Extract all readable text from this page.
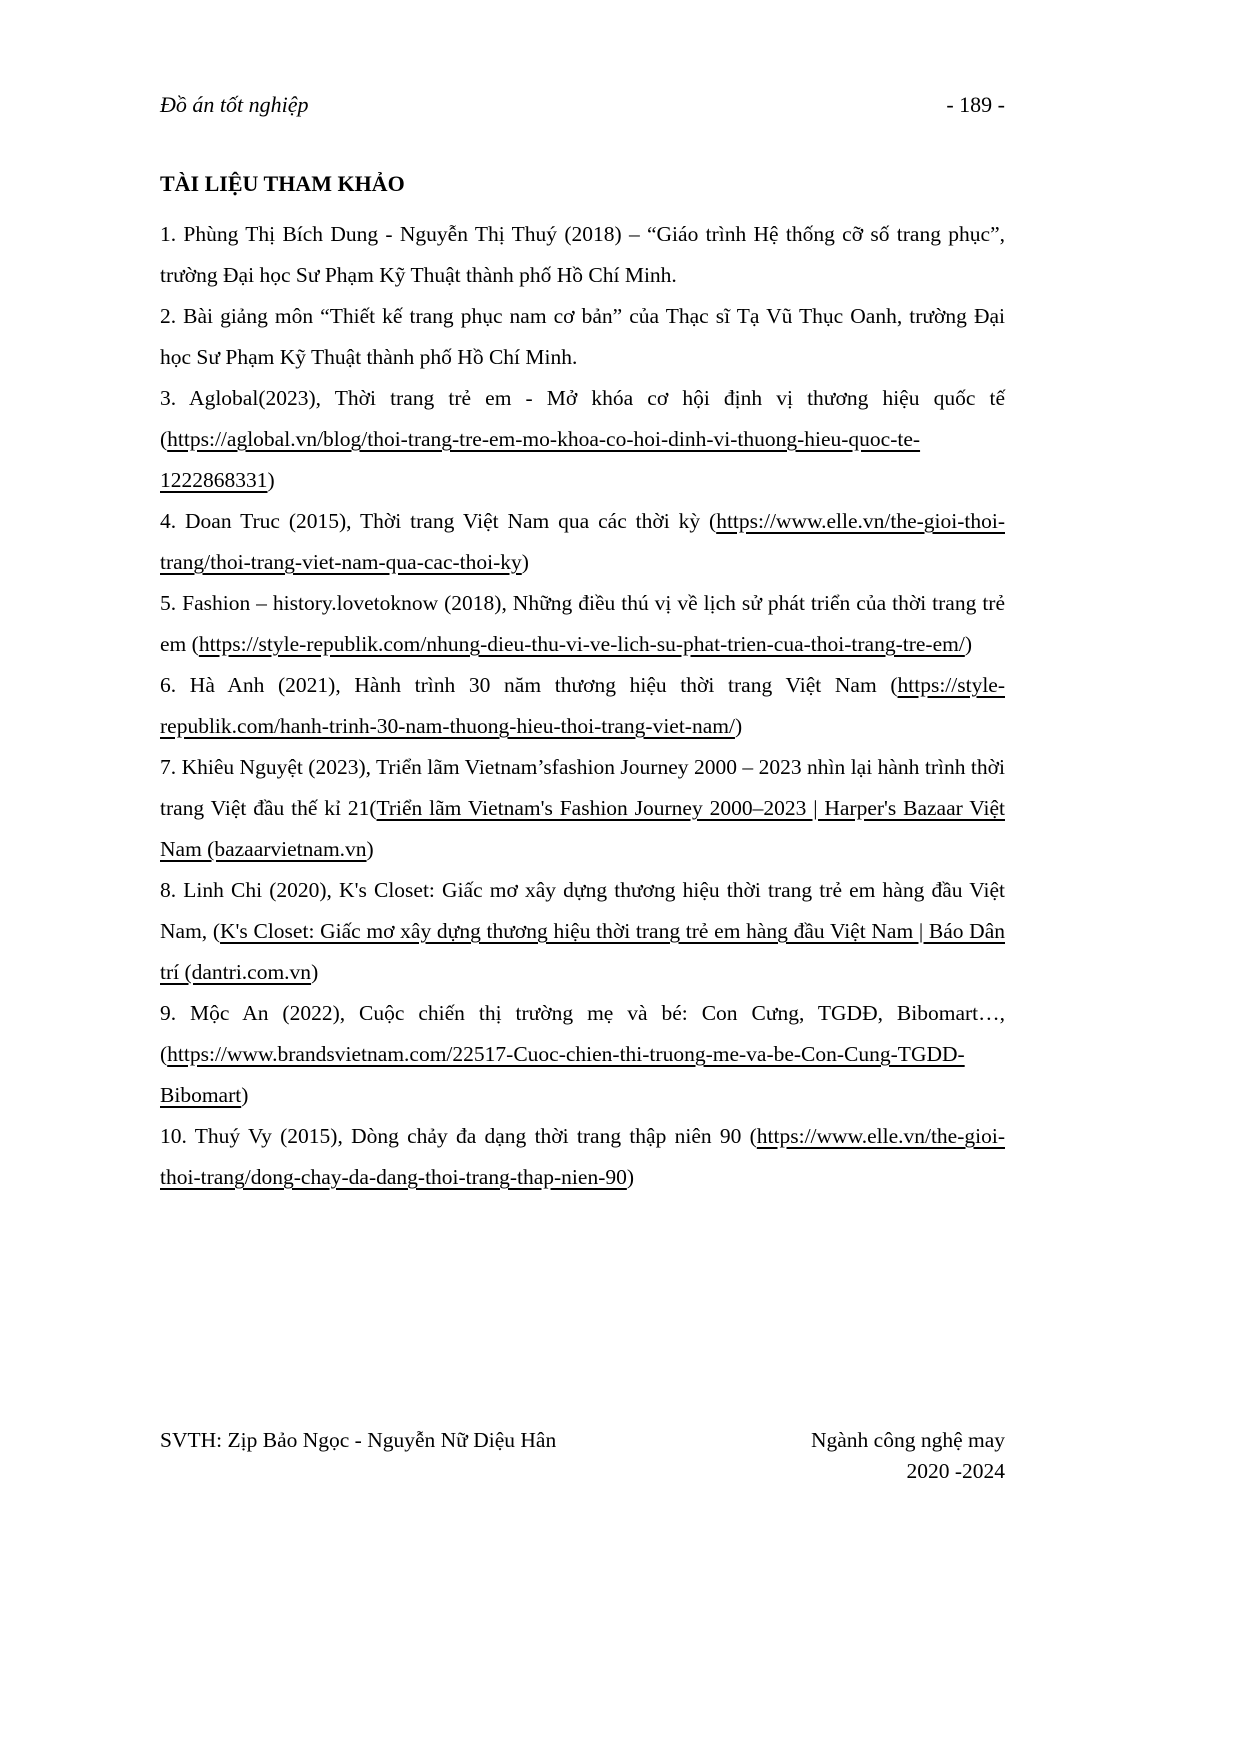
Đồ án tốt nghiệp	- 189 -
TÀI LIỆU THAM KHẢO

1. Phùng Thị Bích Dung - Nguyễn Thị Thuý (2018) – “Giáo trình Hệ thống cỡ số trang phục”, trường Đại học Sư Phạm Kỹ Thuật thành phố Hồ Chí Minh.

2. Bài giảng môn “Thiết kế trang phục nam cơ bản” của Thạc sĩ Tạ Vũ Thục Oanh, trường Đại học Sư Phạm Kỹ Thuật thành phố Hồ Chí Minh.

3. Aglobal(2023), Thời trang trẻ em - Mở khóa cơ hội định vị thương hiệu quốc tế (https://aglobal.vn/blog/thoi-trang-tre-em-mo-khoa-co-hoi-dinh-vi-thuong-hieu-quoc-te-1222868331)

4. Doan Truc (2015), Thời trang Việt Nam qua các thời kỳ (https://www.elle.vn/the-gioi-thoi-trang/thoi-trang-viet-nam-qua-cac-thoi-ky)

5. Fashion – history.lovetoknow (2018), Những điều thú vị về lịch sử phát triển của thời trang trẻ em (https://style-republik.com/nhung-dieu-thu-vi-ve-lich-su-phat-trien-cua-thoi-trang-tre-em/)

6. Hà Anh (2021), Hành trình 30 năm thương hiệu thời trang Việt Nam (https://style-republik.com/hanh-trinh-30-nam-thuong-hieu-thoi-trang-viet-nam/)

7. Khiêu Nguyệt (2023), Triển lãm Vietnam’sfashion Journey 2000 – 2023 nhìn lại hành trình thời trang Việt đầu thế kỉ 21(Triển lãm Vietnam's Fashion Journey 2000–2023 | Harper's Bazaar Việt Nam (bazaarvietnam.vn)

8. Linh Chi (2020), K's Closet: Giấc mơ xây dựng thương hiệu thời trang trẻ em hàng đầu Việt Nam, (K's Closet: Giấc mơ xây dựng thương hiệu thời trang trẻ em hàng đầu Việt Nam | Báo Dân trí (dantri.com.vn)

9. Mộc An (2022), Cuộc chiến thị trường mẹ và bé: Con Cưng, TGDĐ, Bibomart…, (https://www.brandsvietnam.com/22517-Cuoc-chien-thi-truong-me-va-be-Con-Cung-TGDD-Bibomart)

10. Thuý Vy (2015), Dòng chảy đa dạng thời trang thập niên 90 (https://www.elle.vn/the-gioi-thoi-trang/dong-chay-da-dang-thoi-trang-thap-nien-90)

SVTH: Zịp Bảo Ngọc - Nguyễn Nữ Diệu Hân	Ngành công nghệ may
2020 -2024
